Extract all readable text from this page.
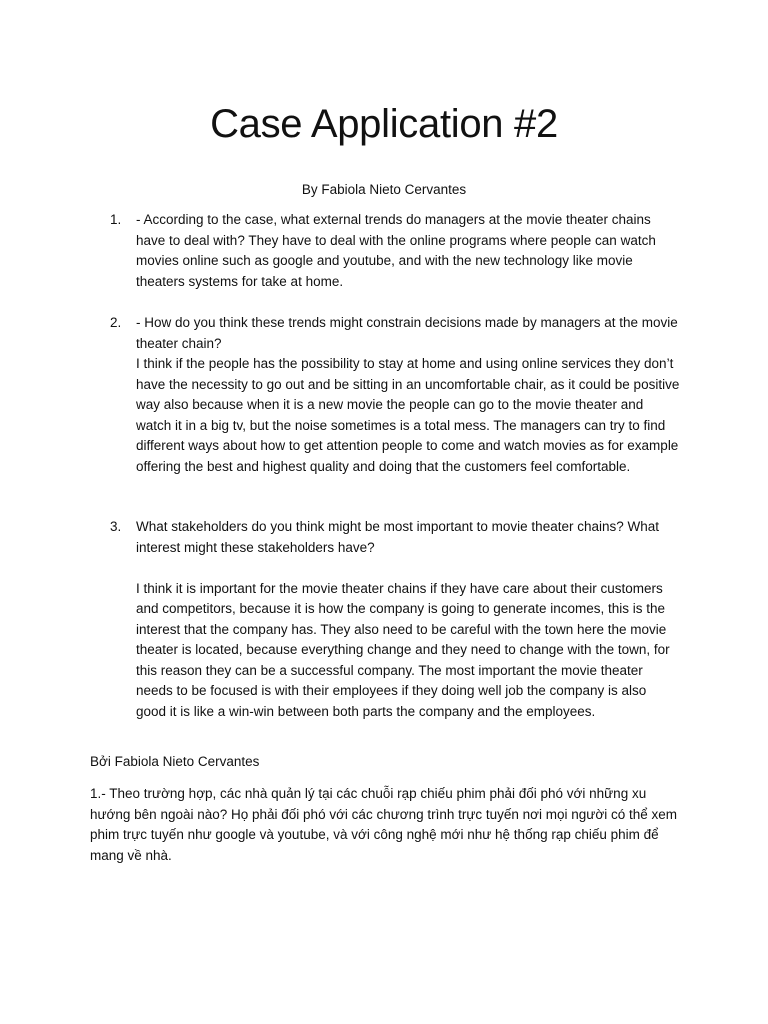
Case Application #2
By Fabiola Nieto Cervantes
1.	- According to the case, what external trends do managers at the movie theater chains have to deal with? They have to deal with the online programs where people can watch movies online such as google and youtube, and with the new technology like movie theaters systems for take at home.
2.	- How do you think these trends might constrain decisions made by managers at the movie theater chain?

I think if the people has the possibility to stay at home and using online services they don’t have the necessity to go out and be sitting in an uncomfortable chair, as it could be positive way also because when it is a new movie the people can go to the movie theater and watch it in a big tv, but the noise sometimes is a total mess. The managers can try to find different ways about how to get attention people to come and watch movies as for example offering the best and highest quality and doing that the customers feel comfortable.

3.	What stakeholders do you think might be most important to movie theater chains? What interest might these stakeholders have?

I think it is important for the movie theater chains if they have care about their customers and competitors, because it is how the company is going to generate incomes, this is the interest that the company has. They also need to be careful with the town here the movie theater is located, because everything change and they need to change with the town, for this reason they can be a successful company. The most important the movie theater needs to be focused is with their employees if they doing well job the company is also good it is like a win-win between both parts the company and the employees.

Bởi Fabiola Nieto Cervantes
1.- Theo trường hợp, các nhà quản lý tại các chuỗi rạp chiếu phim phải đối phó với những xu hướng bên ngoài nào? Họ phải đối phó với các chương trình trực tuyến nơi mọi người có thể xem phim trực tuyến như google và youtube, và với công nghệ mới như hệ thống rạp chiếu phim để mang về nhà.
